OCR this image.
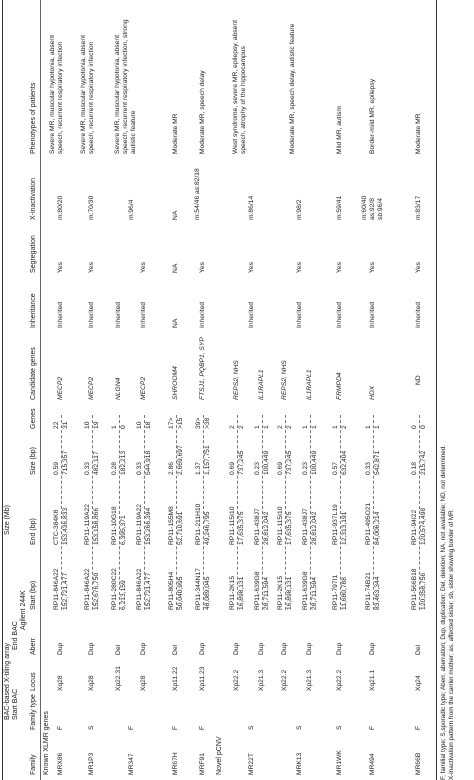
BAC-based X-tiling array
Size (Mb)
Start BAC
End BAC
Agilent 244K
Family
Family type
Locus
Aberr
Start (bp)
End (bp)
Size (bp)
Genes
Candidate genes
Inheritance
Segregation
X-inactivation
Phenotypes of patients
Known XLMR genes MRX86
F
Xq28
Dup
RP11-846A22
CTC-384K8
0.59
22
152,721,477
153,436,833
715,357
31
MECP2
Inherited
Yes
m:80/20
Severe MR, muscular hypotonia, absent speech, recurrent respiratory infection
MR1P3
S
Xq28
Dup
RP11-846A22
RP11-119A22
0.33
10
152,676,750
153,158,866
482,117
19
MECP2
Inherited
Yes
m:70/30
Severe MR, muscular hypotonia, absent speech, recurrent respiratory infection
MR347
F
Xp22.31
Del
RP11-280C22
RP11-10G18
0.28
1
6,213,159
6,395,371
182,213
0
NLGN4
Inherited
m:96/4
Severe MR, muscular hypotonia, absent speech, recurrent respiratory infection, strong autistic feature
Xq28
Dup
RP11-846A22
RP11-119A22
0.33
10
152,721,477
153,266,394
544,918
18
MECP2
Inherited
Yes
MR67H
F
Xp11.22
Del
RP11-805H4
RP11-155M8
2.86
17>
50,040,995
52,710,691
2,669,697
>15
SHROOM4
NA
NA
NA
Moderate MR
MRF91
F
Xp11.23
Dup
RP11-344N17
RP11-211H10
1.37
39>
48,089,045
49,246,795
1,157,751
>38
FTSJ1, PQBP1, SYP
Inherited
Yes
m:54/46 as:82/18
Moderate MR, speech delay
Novel pCNV	MR22T
S
Xp22.2
Dup
RP11-2K15
RP11-115I10
0.69
2
16,898,131
17,635,375
737,245
2
REPS2, NHS
Xp21.3
Dup
RP11-639G8
RP11-438J7
0.23
1
28,711,594
28,812,042
100,449
1
IL1RAPL1
Inherited
Yes
m:86/14
West syndrome, severe MR, epilepsy, absent speech, atrophy of the hippocampus
MRK13
S
Xp22.2
Dup
RP11-2K15
RP11-115I10
0.69
2
16,898,131
17,635,375
737,245
2
REPS2, NHS
Xp21.3
Dup
RP11-639G8
RP11-438J7
0.23
1
28,711,594
28,812,042
100,449
1
IL1RAPL1
Inherited
Yes
m:98/2
Moderate MR, speech delay, autistic feature
MR1WK
S
Xp22.2
Dup
RP11-797I1
RP11-937L19
0.57
1
11,680,788
12,313,191
632,404
2
FRMPD4
Inherited
Yes
m:59/41
Mild MR, autism
MR494
F
Xq21.1
Dup
RP11-74B21
RP11-495O21
0.33
1
83,463,344
84,006,214
542,871
1
HDX
Inherited
Yes
m:60/40 as:92/8 sb:96/4
Border-mild MR, epilepsy
MR66B
F
Xq24
Del
RP11-566B18
RP11-94I22
0.18
0
120,358,756
120,574,498
215,742
0
ND
Inherited
Yes
m:83/17
Moderate MR
F, familial type; S,sporadic type; Aberr, aberration; Dup, duplication; Del, deletion; NA, not available; ND, not determined. X-inactivation pattern from the carrier mother; as, affected sister; sb, sister showing border of MR.
